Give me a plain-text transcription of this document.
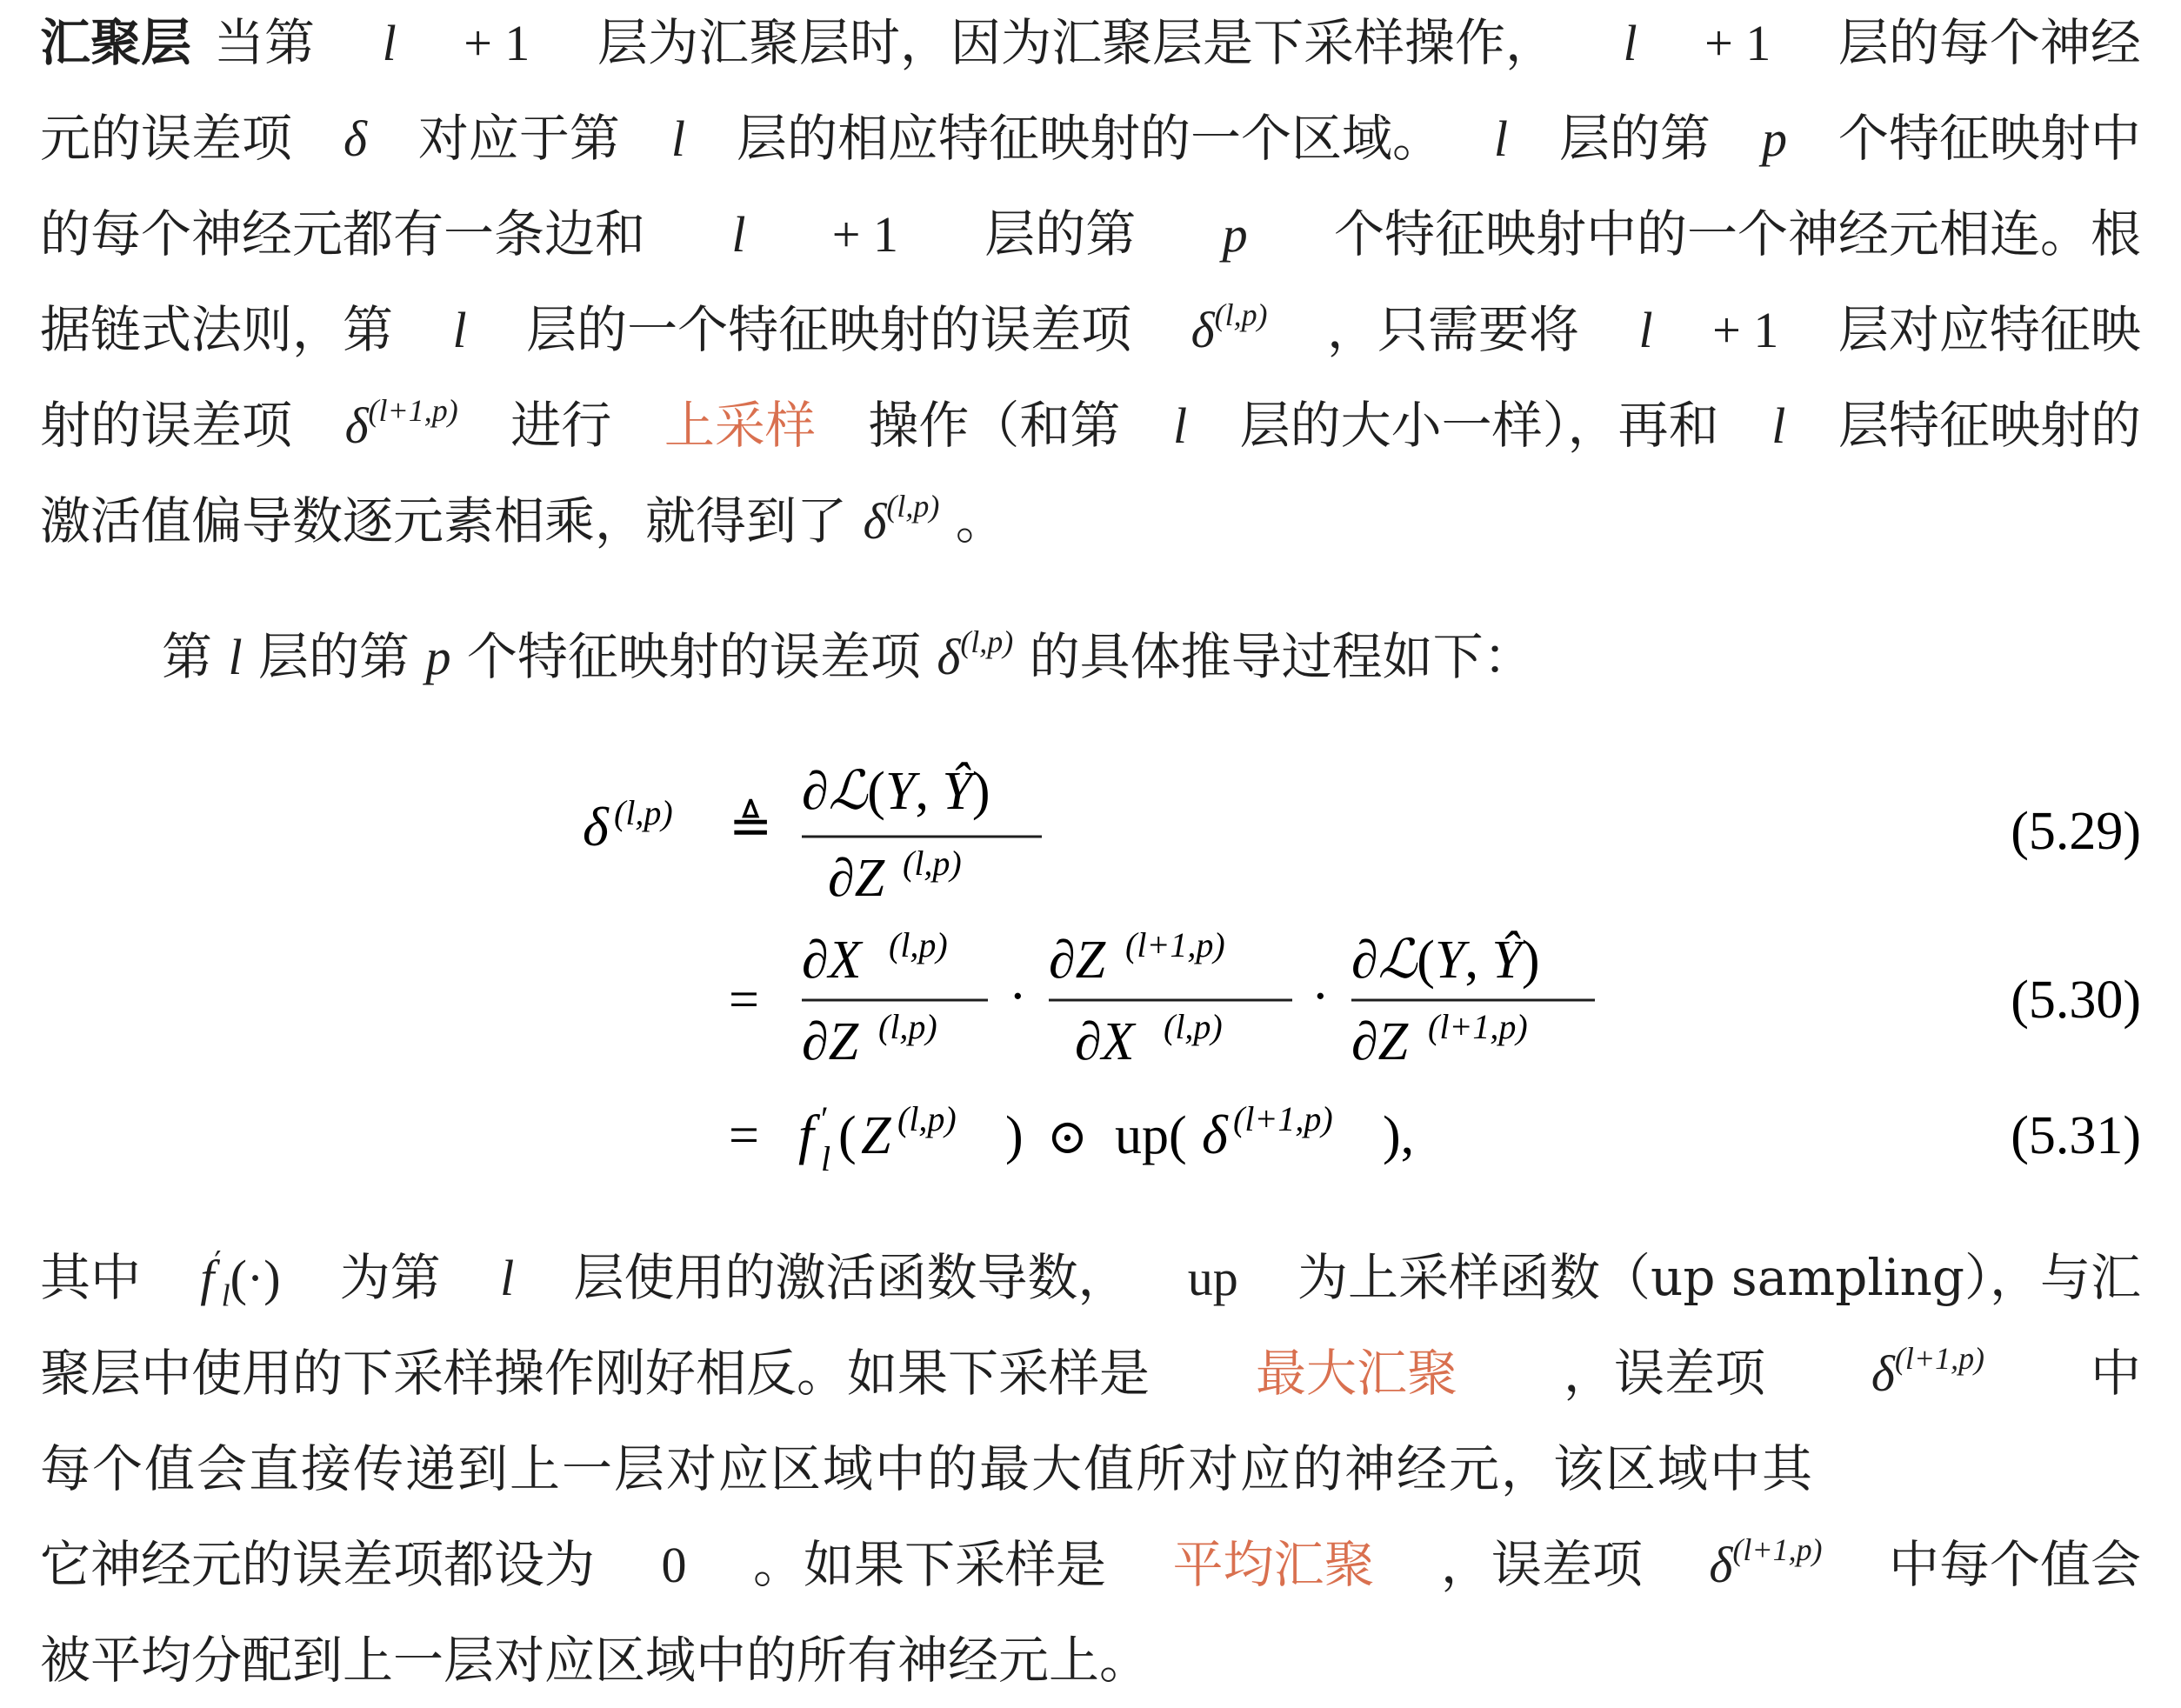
汇聚层 当第 l + 1 层为汇聚层时，因为汇聚层是下采样操作， l + 1 层的每个神经
元的误差项 δ 对应于第 l 层的相应特征映射的一个区域。 l 层的第 p 个特征映射中
的每个神经元都有一条边和 l + 1 层的第 p 个特征映射中的一个神经元相连。根
据链式法则，第 l 层的一个特征映射的误差项 $\delta^{(l,p)}$ ，只需要将 l + 1 层对应特征映
射的误差项 $\delta^{(l+1,p)}$ 进行 上采样 操作（和第 l 层的大小一样），再和 l 层特征映射的
激活值偏导数逐元素相乘，就得到了 $\delta^{(l,p)}$ 。
第 l 层的第 p 个特征映射的误差项 $\delta^{(l,p)}$ 的具体推导过程如下：
δ (l,p) ≜
∂ℒ(Y, Ŷ)
∂Z (l,p)
(5.29)
=
∂X (l,p)
∂Z (l,p)
·
∂Z (l+1,p)
∂X (l,p)
·
∂ℒ(Y, Ŷ)
∂Z (l+1,p)	(5.30)
= f ′
l ( Z (l,p) ) ⊙ up( δ (l+1,p) ),	(5.31)
其中 $f'_l(\cdot)$ 为第 l 层使用的激活函数导数， up 为上采样函数（up sampling），与汇
聚层中使用的下采样操作刚好相反。如果下采样是 最大汇聚 ，误差项 $\delta^{(l+1,p)}$ 中
每个值会直接传递到上一层对应区域中的最大值所对应的神经元，该区域中其
它神经元的误差项都设为 0 。如果下采样是 平均汇聚 ，误差项 $\delta^{(l+1,p)}$ 中每个值会
被平均分配到上一层对应区域中的所有神经元上。
